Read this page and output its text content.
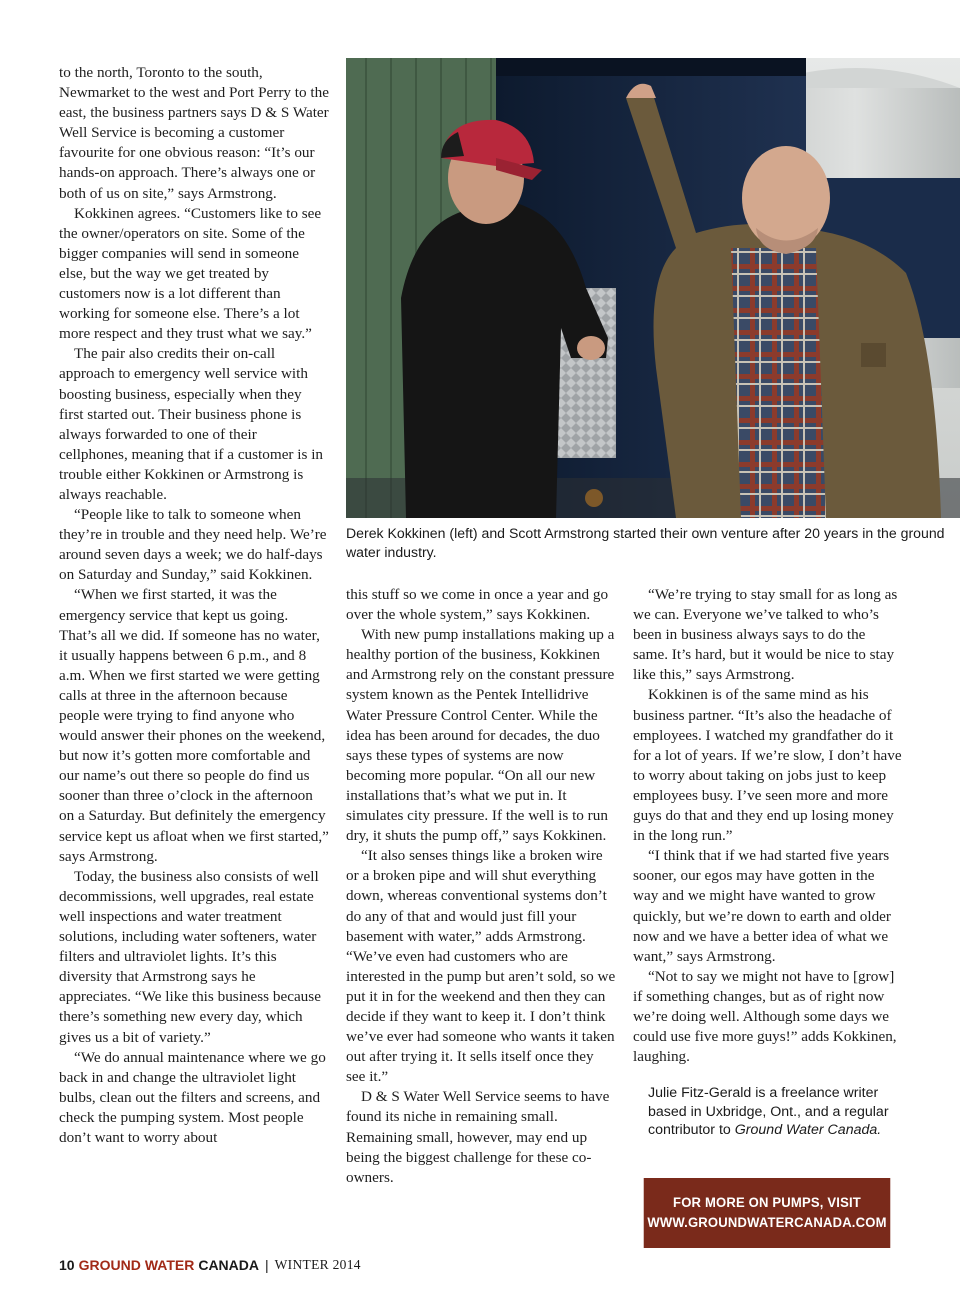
to the north, Toronto to the south, Newmarket to the west and Port Perry to the east, the business partners says D & S Water Well Service is becoming a customer favourite for one obvious reason: “It’s our hands-on approach. There’s always one or both of us on site,” says Armstrong.

Kokkinen agrees. “Customers like to see the owner/operators on site. Some of the bigger companies will send in someone else, but the way we get treated by customers now is a lot different than working for someone else. There’s a lot more respect and they trust what we say.”

The pair also credits their on-call approach to emergency well service with boosting business, especially when they first started out. Their business phone is always forwarded to one of their cellphones, meaning that if a customer is in trouble either Kokkinen or Armstrong is always reachable.

“People like to talk to someone when they’re in trouble and they need help. We’re around seven days a week; we do half-days on Saturday and Sunday,” said Kokkinen.

“When we first started, it was the emergency service that kept us going. That’s all we did. If someone has no water, it usually happens between 6 p.m., and 8 a.m. When we first started we were getting calls at three in the afternoon because people were trying to find anyone who would answer their phones on the weekend, but now it’s gotten more comfortable and our name’s out there so people do find us sooner than three o’clock in the afternoon on a Saturday. But definitely the emergency service kept us afloat when we first started,” says Armstrong.

Today, the business also consists of well decommissions, well upgrades, real estate well inspections and water treatment solutions, including water softeners, water filters and ultraviolet lights. It’s this diversity that Armstrong says he appreciates. “We like this business because there’s something new every day, which gives us a bit of variety.”

“We do annual maintenance where we go back in and change the ultraviolet light bulbs, clean out the filters and screens, and check the pumping system. Most people don’t want to worry about

Derek Kokkinen (left) and Scott Armstrong started their own venture after 20 years in the ground water industry.

this stuff so we come in once a year and go over the whole system,” says Kokkinen.

With new pump installations making up a healthy portion of the business, Kokkinen and Armstrong rely on the constant pressure system known as the Pentek Intellidrive Water Pressure Control Center. While the idea has been around for decades, the duo says these types of systems are now becoming more popular. “On all our new installations that’s what we put in. It simulates city pressure. If the well is to run dry, it shuts the pump off,” says Kokkinen.

“It also senses things like a broken wire or a broken pipe and will shut everything down, whereas conventional systems don’t do any of that and would just fill your basement with water,” adds Armstrong. “We’ve even had customers who are interested in the pump but aren’t sold, so we put it in for the weekend and then they can decide if they want to keep it. I don’t think we’ve ever had someone who wants it taken out after trying it. It sells itself once they see it.”

D & S Water Well Service seems to have found its niche in remaining small. Remaining small, however, may end up being the biggest challenge for these co-owners.

“We’re trying to stay small for as long as we can. Everyone we’ve talked to who’s been in business always says to do the same. It’s hard, but it would be nice to stay like this,” says Armstrong.

Kokkinen is of the same mind as his business partner. “It’s also the headache of employees. I watched my grandfather do it for a lot of years. If we’re slow, I don’t have to worry about taking on jobs just to keep employees busy. I’ve seen more and more guys do that and they end up losing money in the long run.”

“I think that if we had started five years sooner, our egos may have gotten in the way and we might have wanted to grow quickly, but we’re down to earth and older now and we have a better idea of what we want,” says Armstrong.

“Not to say we might not have to [grow] if something changes, but as of right now we’re doing well. Although some days we could use five more guys!” adds Kokkinen, laughing.

Julie Fitz-Gerald is a freelance writer based in Uxbridge, Ont., and a regular contributor to Ground Water Canada.
FOR MORE ON PUMPS, VISIT
WWW.GROUNDWATERCANADA.COM
10 GROUND
WATER
CANADA | WINTER 2014
